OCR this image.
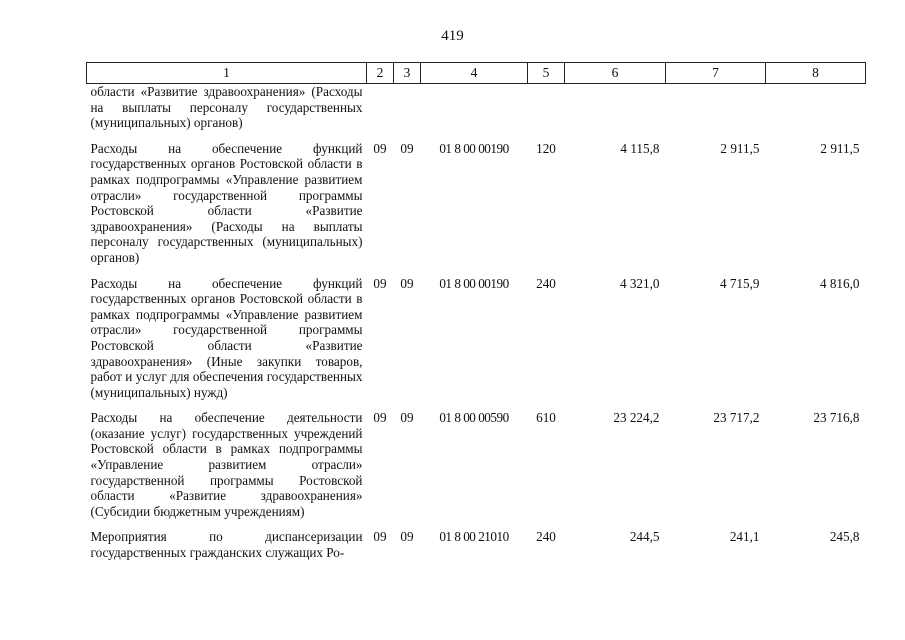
419
1	2	3	4	5	6	7	8
области «Развитие здравоохранения» (Расходы на выплаты персоналу государственных (муниципальных) органов)							
Расходы на обеспечение функций государственных органов Ростовской области в рамках подпрограммы «Управление развитием отрасли» государственной программы Ростовской области «Развитие здравоохранения» (Расходы на выплаты персоналу государственных (муниципальных) органов)	09	09	01 8 00 00190	120	4 115,8	2 911,5	2 911,5
Расходы на обеспечение функций государственных органов Ростовской области в рамках подпрограммы «Управление развитием отрасли» государственной программы Ростовской области «Развитие здравоохранения» (Иные закупки товаров, работ и услуг для обеспечения государственных (муниципальных) нужд)	09	09	01 8 00 00190	240	4 321,0	4 715,9	4 816,0
Расходы на обеспечение деятельности (оказание услуг) государственных учреждений Ростовской области в рамках подпрограммы «Управление развитием отрасли» государственной программы Ростовской области «Развитие здравоохранения» (Субсидии бюджетным учреждениям)	09	09	01 8 00 00590	610	23 224,2	23 717,2	23 716,8
Мероприятия по диспансеризации государственных гражданских служащих Ро-	09	09	01 8 00 21010	240	244,5	241,1	245,8
